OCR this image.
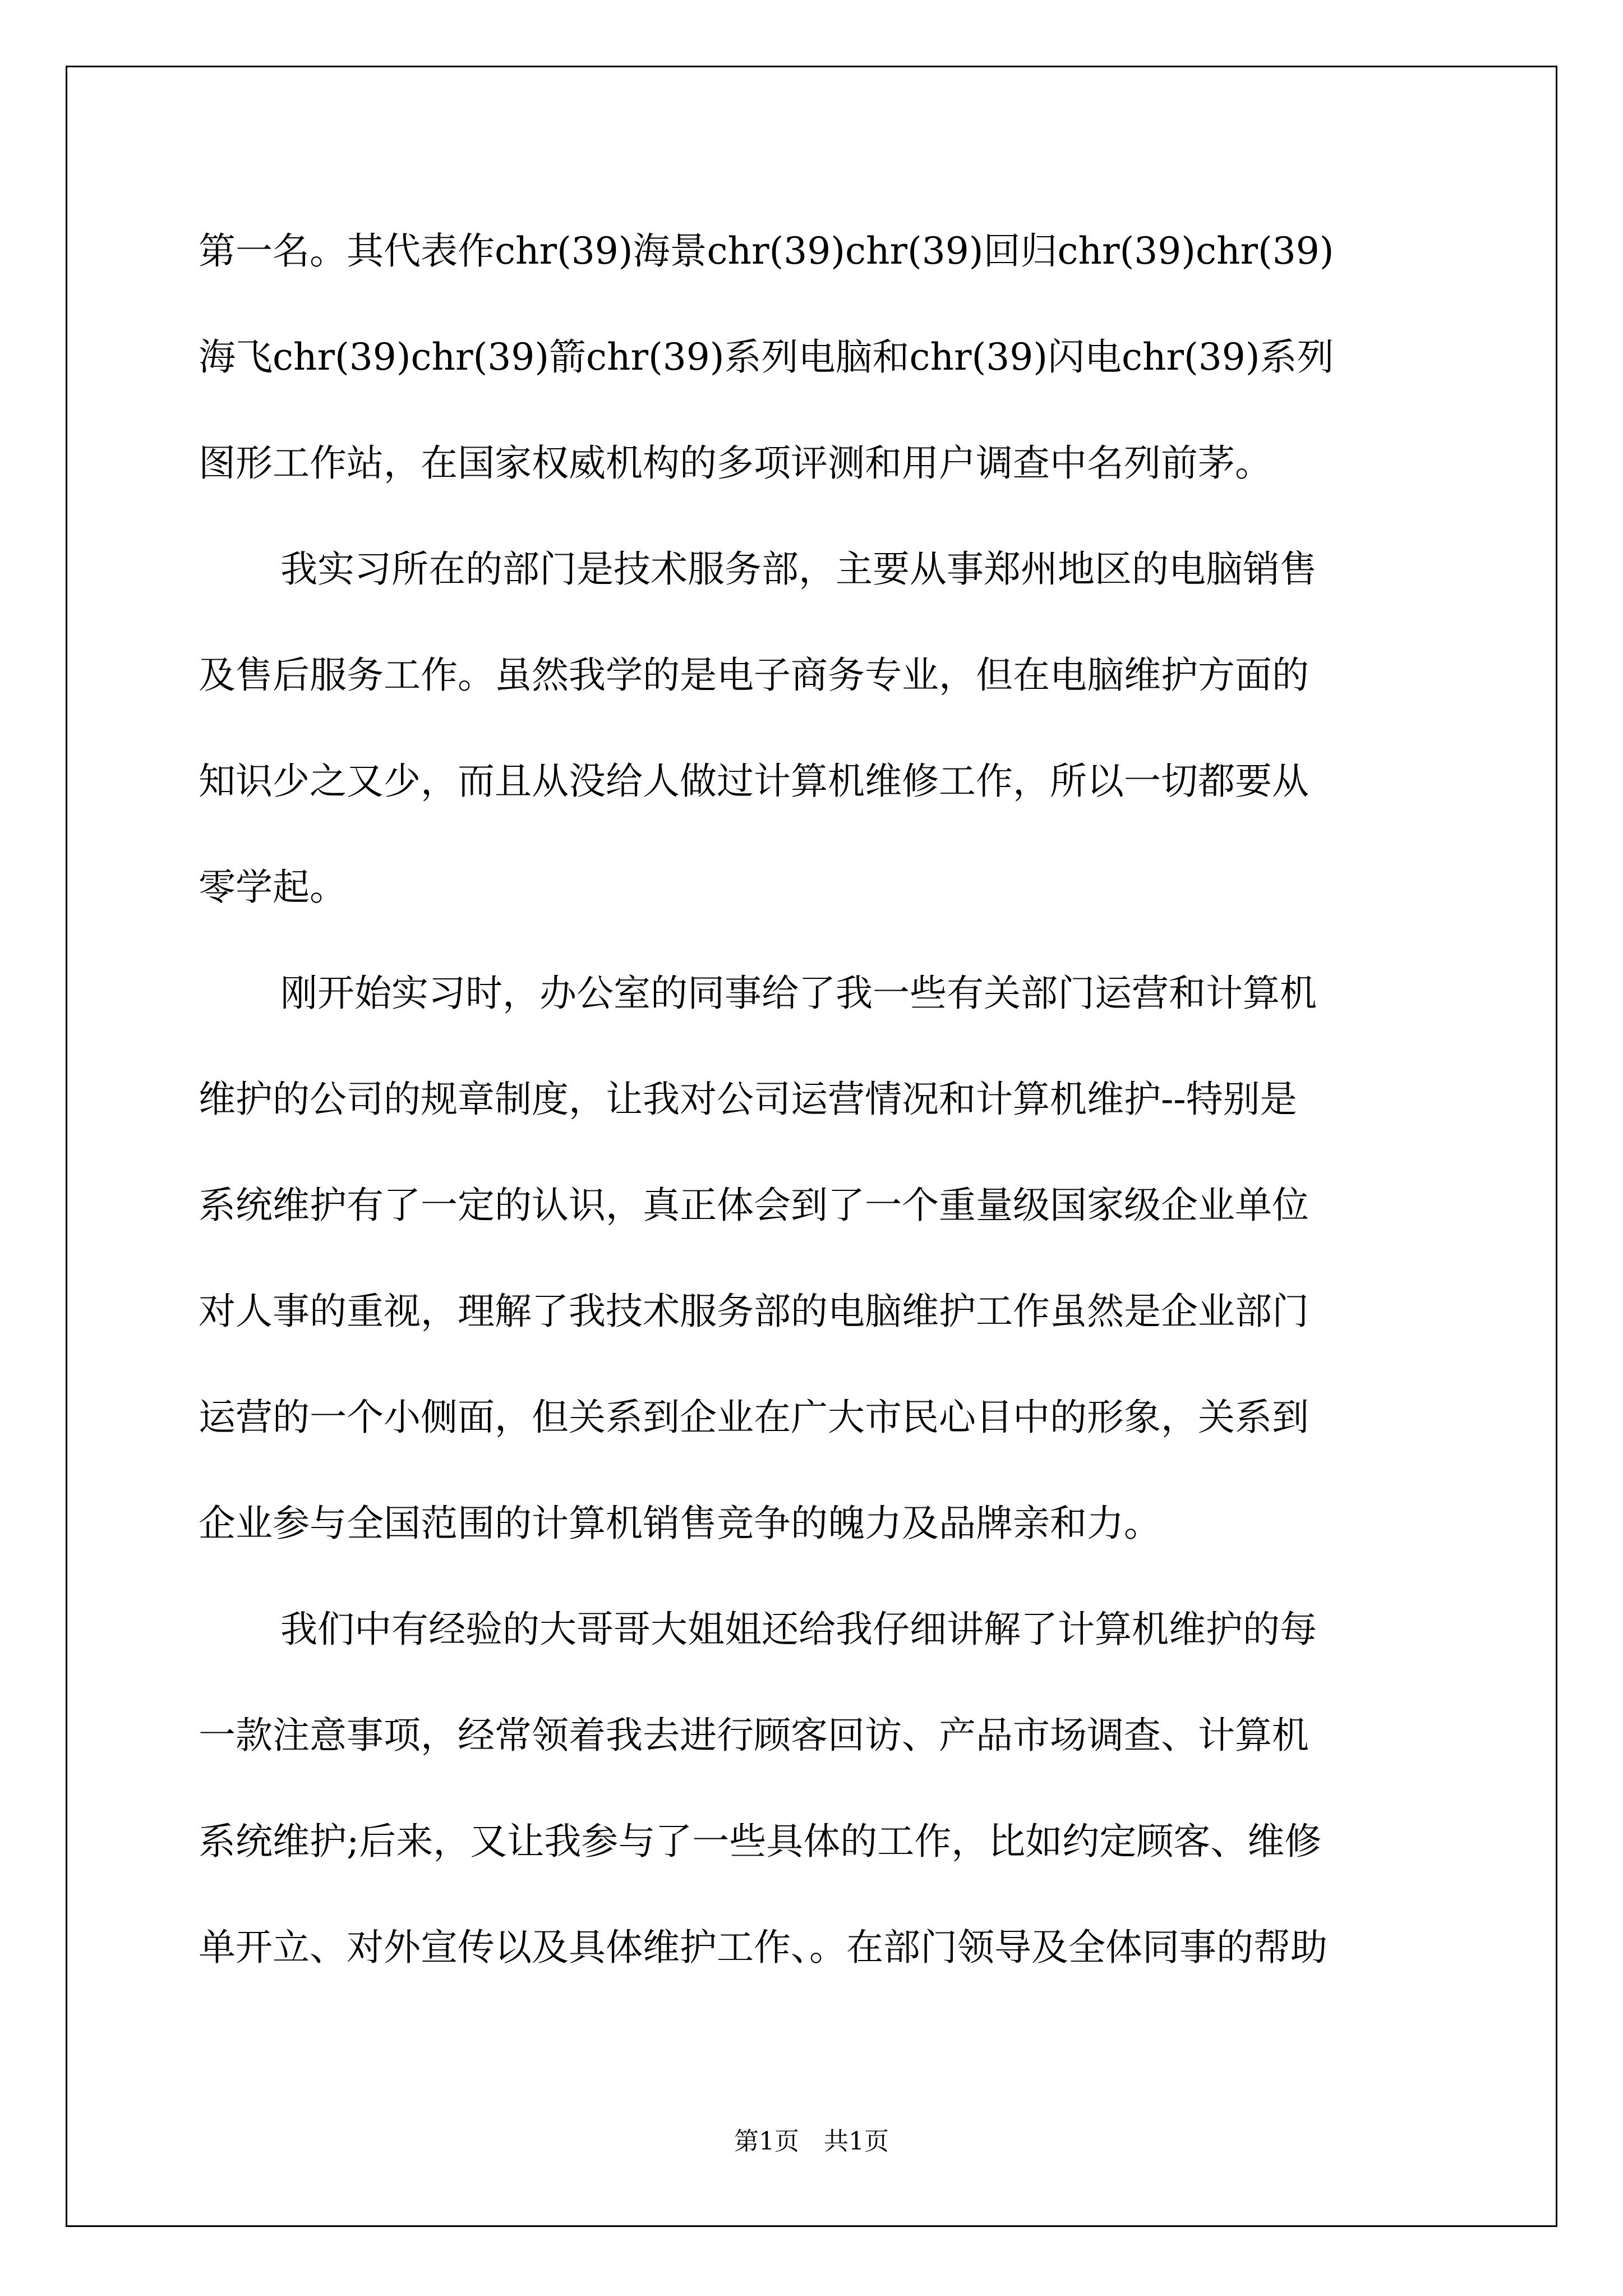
第一名。其代表作chr(39)海景chr(39)chr(39)回归chr(39)chr(39)
海飞chr(39)chr(39)箭chr(39)系列电脑和chr(39)闪电chr(39)系列
图形工作站，在国家权威机构的多项评测和用户调查中名列前茅。
我实习所在的部门是技术服务部，主要从事郑州地区的电脑销售
及售后服务工作。虽然我学的是电子商务专业，但在电脑维护方面的
知识少之又少，而且从没给人做过计算机维修工作，所以一切都要从
零学起。
刚开始实习时，办公室的同事给了我一些有关部门运营和计算机
维护的公司的规章制度，让我对公司运营情况和计算机维护--特别是
系统维护有了一定的认识，真正体会到了一个重量级国家级企业单位
对人事的重视，理解了我技术服务部的电脑维护工作虽然是企业部门
运营的一个小侧面，但关系到企业在广大市民心目中的形象，关系到
企业参与全国范围的计算机销售竞争的魄力及品牌亲和力。
我们中有经验的大哥哥大姐姐还给我仔细讲解了计算机维护的每
一款注意事项，经常领着我去进行顾客回访、产品市场调查、计算机
系统维护;后来，又让我参与了一些具体的工作，比如约定顾客、维修
单开立、对外宣传以及具体维护工作、。在部门领导及全体同事的帮助
第1页　共1页
